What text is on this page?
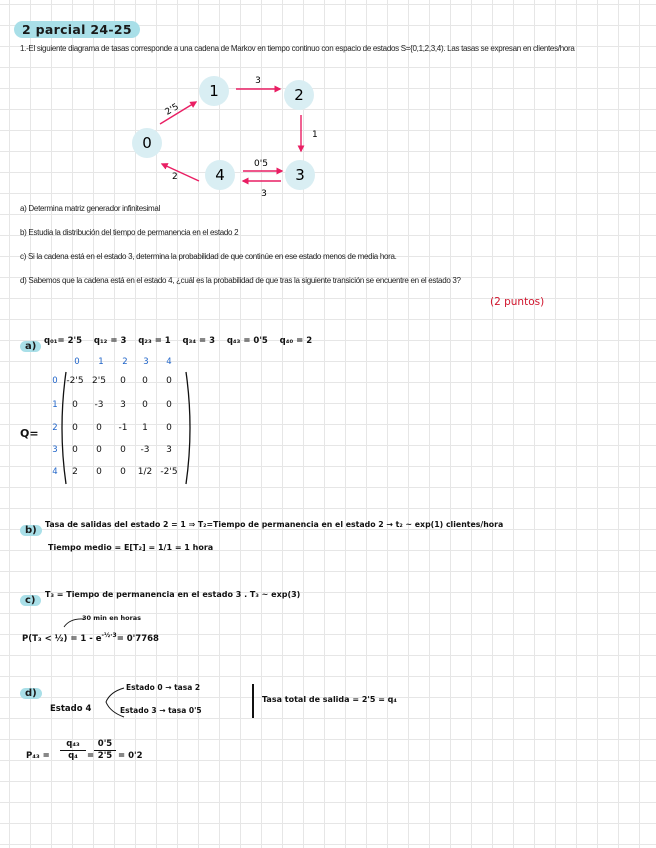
2 parcial 24-25
1.-El siguiente diagrama de tasas corresponde a una cadena de Markov en tiempo continuo con espacio de estados S={0,1,2,3,4). Las tasas se expresan en clientes/hora
0
1	2
3
4
2'5
3
1
0'5
3
2
a) Determina matriz generador infinitesimal
b) Estudia la distribución del tiempo de permanencia en el estado 2
c) Si la cadena está en el estado 3, determina la probabilidad de que continúe en ese estado menos de media hora.
d) Sabemos que la cadena está en el estado 4, ¿cuál es la probabilidad de que tras la siguiente transición se encuentre en el estado 3?
(2 puntos)
a) q₀₁= 2'5    q₁₂ = 3    q₂₃ = 1    q₃₄ = 3    q₄₃ = 0'5    q₄₀ = 2
Q=
0	1	2	3	4
0
1
2
3
4
-2'5 2'5	0	0	0
0	-3	3	0	0
0	0	-1	1	0
0	0	0	-3	3
2	0	0	1/2 -2'5
b)
Tasa de salidas del estado 2 = 1 ⇒ T₂=Tiempo de permanencia en el estado 2 → t₂ ~ exp(1) clientes/hora
Tiempo medio = E[T₂] = 1/1 = 1 hora
c)
T₃ = Tiempo de permanencia en el estado 3 . T₃ ~ exp(3)
30 min en horas
P(T₃ < ½) = $1 - e^{-\frac{1}{2}\cdot 3}= 0'7768$
d)
Estado 4
Estado 0 → tasa 2
Estado 3 → tasa 0'5
Tasa total de salida = 2'5 = q₄
$P_{43} = \frac{\text{q₄₃}}{\text{q₄}} = \frac{0'5}{2'5} = 0'2$
